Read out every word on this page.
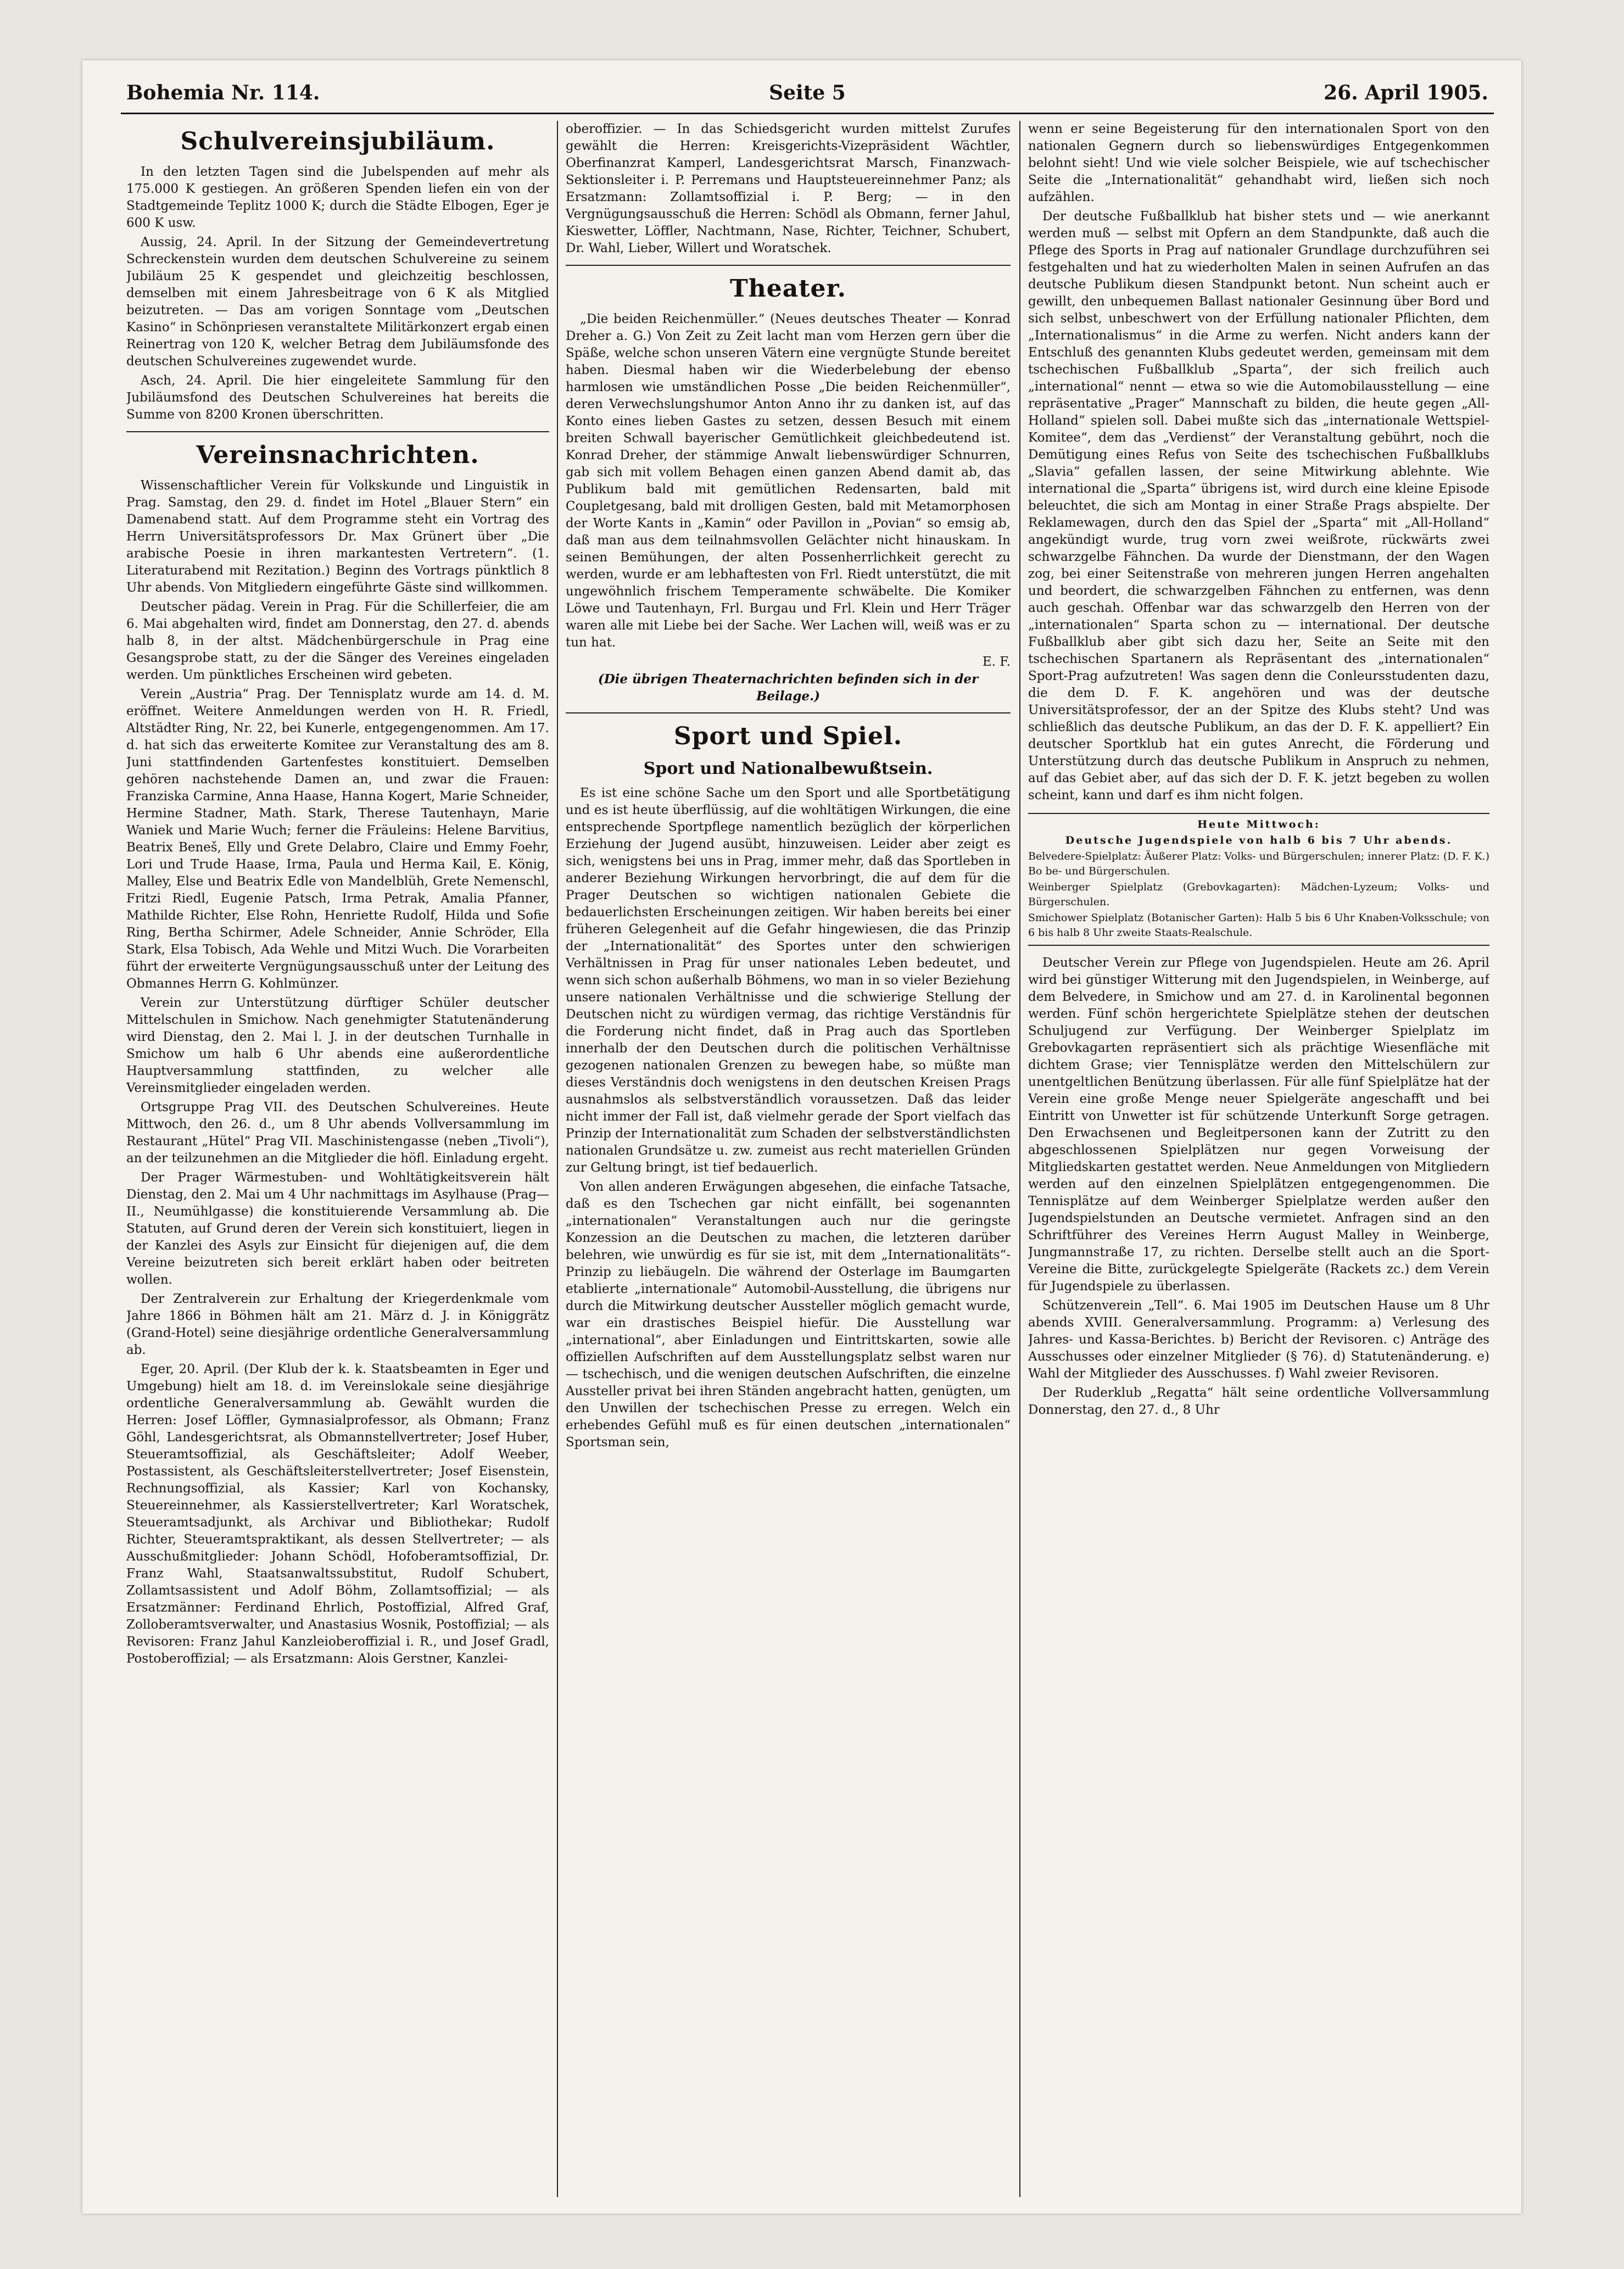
Bohemia Nr. 114.	Seite 5	26. April 1905.
Schulvereinsjubiläum.

In den letzten Tagen sind die Jubelspenden auf mehr als 175.000 K gestiegen. An größeren Spenden liefen ein von der Stadtgemeinde Teplitz 1000 K; durch die Städte Elbogen, Eger je 600 K usw.

Aussig, 24. April. In der Sitzung der Gemeindevertretung Schreckenstein wurden dem deutschen Schulvereine zu seinem Jubiläum 25 K gespendet und gleichzeitig beschlossen, demselben mit einem Jahresbeitrage von 6 K als Mitglied beizutreten. — Das am vorigen Sonntage vom „Deutschen Kasino“ in Schönpriesen veranstaltete Militärkonzert ergab einen Reinertrag von 120 K, welcher Betrag dem Jubiläumsfonde des deutschen Schulvereines zugewendet wurde.

Asch, 24. April. Die hier eingeleitete Sammlung für den Jubiläumsfond des Deutschen Schulvereines hat bereits die Summe von 8200 Kronen überschritten.

Vereinsnachrichten.

Wissenschaftlicher Verein für Volkskunde und Linguistik in Prag. Samstag, den 29. d. findet im Hotel „Blauer Stern“ ein Damenabend statt. Auf dem Programme steht ein Vortrag des Herrn Universitätsprofessors Dr. Max Grünert über „Die arabische Poesie in ihren markantesten Vertretern“. (1. Literaturabend mit Rezitation.) Beginn des Vortrags pünktlich 8 Uhr abends. Von Mitgliedern eingeführte Gäste sind willkommen.

Deutscher pädag. Verein in Prag. Für die Schillerfeier, die am 6. Mai abgehalten wird, findet am Donnerstag, den 27. d. abends halb 8, in der altst. Mädchenbürgerschule in Prag eine Gesangsprobe statt, zu der die Sänger des Vereines eingeladen werden. Um pünktliches Erscheinen wird gebeten.

Verein „Austria“ Prag. Der Tennisplatz wurde am 14. d. M. eröffnet. Weitere Anmeldungen werden von H. R. Friedl, Altstädter Ring, Nr. 22, bei Kunerle, entgegengenommen. Am 17. d. hat sich das erweiterte Komitee zur Veranstaltung des am 8. Juni stattfindenden Gartenfestes konstituiert. Demselben gehören nachstehende Damen an, und zwar die Frauen: Franziska Carmine, Anna Haase, Hanna Kogert, Marie Schneider, Hermine Stadner, Math. Stark, Therese Tautenhayn, Marie Waniek und Marie Wuch; ferner die Fräuleins: Helene Barvitius, Beatrix Beneš, Elly und Grete Delabro, Claire und Emmy Foehr, Lori und Trude Haase, Irma, Paula und Herma Kail, E. König, Malley, Else und Beatrix Edle von Mandelblüh, Grete Nemenschl, Fritzi Riedl, Eugenie Patsch, Irma Petrak, Amalia Pfanner, Mathilde Richter, Else Rohn, Henriette Rudolf, Hilda und Sofie Ring, Bertha Schirmer, Adele Schneider, Annie Schröder, Ella Stark, Elsa Tobisch, Ada Wehle und Mitzi Wuch. Die Vorarbeiten führt der erweiterte Vergnügungsausschuß unter der Leitung des Obmannes Herrn G. Kohlmünzer.

Verein zur Unterstützung dürftiger Schüler deutscher Mittelschulen in Smichow. Nach genehmigter Statutenänderung wird Dienstag, den 2. Mai l. J. in der deutschen Turnhalle in Smichow um halb 6 Uhr abends eine außerordentliche Hauptversammlung stattfinden, zu welcher alle Vereinsmitglieder eingeladen werden.

Ortsgruppe Prag VII. des Deutschen Schulvereines. Heute Mittwoch, den 26. d., um 8 Uhr abends Vollversammlung im Restaurant „Hütel“ Prag VII. Maschinistengasse (neben „Tivoli“), an der teilzunehmen an die Mitglieder die höfl. Einladung ergeht.

Der Prager Wärmestuben- und Wohltätigkeitsverein hält Dienstag, den 2. Mai um 4 Uhr nachmittags im Asylhause (Prag—II., Neumühlgasse) die konstituierende Versammlung ab. Die Statuten, auf Grund deren der Verein sich konstituiert, liegen in der Kanzlei des Asyls zur Einsicht für diejenigen auf, die dem Vereine beizutreten sich bereit erklärt haben oder beitreten wollen.

Der Zentralverein zur Erhaltung der Kriegerdenkmale vom Jahre 1866 in Böhmen hält am 21. März d. J. in Königgrätz (Grand-Hotel) seine diesjährige ordentliche Generalversammlung ab.

Eger, 20. April. (Der Klub der k. k. Staatsbeamten in Eger und Umgebung) hielt am 18. d. im Vereinslokale seine diesjährige ordentliche Generalversammlung ab. Gewählt wurden die Herren: Josef Löffler, Gymnasialprofessor, als Obmann; Franz Göhl, Landesgerichtsrat, als Obmannstellvertreter; Josef Huber, Steueramtsoffizial, als Geschäftsleiter; Adolf Weeber, Postassistent, als Geschäftsleiterstellvertreter; Josef Eisenstein, Rechnungsoffizial, als Kassier; Karl von Kochansky, Steuereinnehmer, als Kassierstellvertreter; Karl Woratschek, Steueramtsadjunkt, als Archivar und Bibliothekar; Rudolf Richter, Steueramtspraktikant, als dessen Stellvertreter; — als Ausschußmitglieder: Johann Schödl, Hofoberamtsoffizial, Dr. Franz Wahl, Staatsanwaltssubstitut, Rudolf Schubert, Zollamtsassistent und Adolf Böhm, Zollamtsoffizial; — als Ersatzmänner: Ferdinand Ehrlich, Postoffizial, Alfred Graf, Zolloberamtsverwalter, und Anastasius Wosnik, Postoffizial; — als Revisoren: Franz Jahul Kanzleioberoffizial i. R., und Josef Gradl, Postoberoffizial; — als Ersatzmann: Alois Gerstner, Kanzlei-

oberoffizier. — In das Schiedsgericht wurden mittelst Zurufes gewählt die Herren: Kreisgerichts-Vizepräsident Wächtler, Oberfinanzrat Kamperl, Landesgerichtsrat Marsch, Finanzwach-Sektionsleiter i. P. Perremans und Hauptsteuereinnehmer Panz; als Ersatzmann: Zollamtsoffizial i. P. Berg; — in den Vergnügungsausschuß die Herren: Schödl als Obmann, ferner Jahul, Kieswetter, Löffler, Nachtmann, Nase, Richter, Teichner, Schubert, Dr. Wahl, Lieber, Willert und Woratschek.

Theater.

„Die beiden Reichenmüller.“ (Neues deutsches Theater — Konrad Dreher a. G.) Von Zeit zu Zeit lacht man vom Herzen gern über die Späße, welche schon unseren Vätern eine vergnügte Stunde bereitet haben. Diesmal haben wir die Wiederbelebung der ebenso harmlosen wie umständlichen Posse „Die beiden Reichenmüller“, deren Verwechslungshumor Anton Anno ihr zu danken ist, auf das Konto eines lieben Gastes zu setzen, dessen Besuch mit einem breiten Schwall bayerischer Gemütlichkeit gleichbedeutend ist. Konrad Dreher, der stämmige Anwalt liebenswürdiger Schnurren, gab sich mit vollem Behagen einen ganzen Abend damit ab, das Publikum bald mit gemütlichen Redensarten, bald mit Coupletgesang, bald mit drolligen Gesten, bald mit Metamorphosen der Worte Kants in „Kamin“ oder Pavillon in „Povian“ so emsig ab, daß man aus dem teilnahmsvollen Gelächter nicht hinauskam. In seinen Bemühungen, der alten Possenherrlichkeit gerecht zu werden, wurde er am lebhaftesten von Frl. Riedt unterstützt, die mit ungewöhnlich frischem Temperamente schwäbelte. Die Komiker Löwe und Tautenhayn, Frl. Burgau und Frl. Klein und Herr Träger waren alle mit Liebe bei der Sache. Wer Lachen will, weiß was er zu tun hat.

E. F.
(Die übrigen Theaternachrichten befinden sich in der Beilage.)
Sport und Spiel.
Sport und Nationalbewußtsein.

Es ist eine schöne Sache um den Sport und alle Sportbetätigung und es ist heute überflüssig, auf die wohltätigen Wirkungen, die eine entsprechende Sportpflege namentlich bezüglich der körperlichen Erziehung der Jugend ausübt, hinzuweisen. Leider aber zeigt es sich, wenigstens bei uns in Prag, immer mehr, daß das Sportleben in anderer Beziehung Wirkungen hervorbringt, die auf dem für die Prager Deutschen so wichtigen nationalen Gebiete die bedauerlichsten Erscheinungen zeitigen. Wir haben bereits bei einer früheren Gelegenheit auf die Gefahr hingewiesen, die das Prinzip der „Internationalität“ des Sportes unter den schwierigen Verhältnissen in Prag für unser nationales Leben bedeutet, und wenn sich schon außerhalb Böhmens, wo man in so vieler Beziehung unsere nationalen Verhältnisse und die schwierige Stellung der Deutschen nicht zu würdigen vermag, das richtige Verständnis für die Forderung nicht findet, daß in Prag auch das Sportleben innerhalb der den Deutschen durch die politischen Verhältnisse gezogenen nationalen Grenzen zu bewegen habe, so müßte man dieses Verständnis doch wenigstens in den deutschen Kreisen Prags ausnahmslos als selbstverständlich voraussetzen. Daß das leider nicht immer der Fall ist, daß vielmehr gerade der Sport vielfach das Prinzip der Internationalität zum Schaden der selbstverständlichsten nationalen Grundsätze u. zw. zumeist aus recht materiellen Gründen zur Geltung bringt, ist tief bedauerlich.

Von allen anderen Erwägungen abgesehen, die einfache Tatsache, daß es den Tschechen gar nicht einfällt, bei sogenannten „internationalen“ Veranstaltungen auch nur die geringste Konzession an die Deutschen zu machen, die letzteren darüber belehren, wie unwürdig es für sie ist, mit dem „Internationalitäts“-Prinzip zu liebäugeln. Die während der Osterlage im Baumgarten etablierte „internationale“ Automobil-Ausstellung, die übrigens nur durch die Mitwirkung deutscher Aussteller möglich gemacht wurde, war ein drastisches Beispiel hiefür. Die Ausstellung war „international“, aber Einladungen und Eintrittskarten, sowie alle offiziellen Aufschriften auf dem Ausstellungsplatz selbst waren nur — tschechisch, und die wenigen deutschen Aufschriften, die einzelne Aussteller privat bei ihren Ständen angebracht hatten, genügten, um den Unwillen der tschechischen Presse zu erregen. Welch ein erhebendes Gefühl muß es für einen deutschen „internationalen“ Sportsman sein,

wenn er seine Begeisterung für den internationalen Sport von den nationalen Gegnern durch so liebenswürdiges Entgegenkommen belohnt sieht! Und wie viele solcher Beispiele, wie auf tschechischer Seite die „Internationalität“ gehandhabt wird, ließen sich noch aufzählen.

Der deutsche Fußballklub hat bisher stets und — wie anerkannt werden muß — selbst mit Opfern an dem Standpunkte, daß auch die Pflege des Sports in Prag auf nationaler Grundlage durchzuführen sei festgehalten und hat zu wiederholten Malen in seinen Aufrufen an das deutsche Publikum diesen Standpunkt betont. Nun scheint auch er gewillt, den unbequemen Ballast nationaler Gesinnung über Bord und sich selbst, unbeschwert von der Erfüllung nationaler Pflichten, dem „Internationalismus“ in die Arme zu werfen. Nicht anders kann der Entschluß des genannten Klubs gedeutet werden, gemeinsam mit dem tschechischen Fußballklub „Sparta“, der sich freilich auch „international“ nennt — etwa so wie die Automobilausstellung — eine repräsentative „Prager“ Mannschaft zu bilden, die heute gegen „All-Holland“ spielen soll. Dabei mußte sich das „internationale Wettspiel-Komitee“, dem das „Verdienst“ der Veranstaltung gebührt, noch die Demütigung eines Refus von Seite des tschechischen Fußballklubs „Slavia“ gefallen lassen, der seine Mitwirkung ablehnte. Wie international die „Sparta“ übrigens ist, wird durch eine kleine Episode beleuchtet, die sich am Montag in einer Straße Prags abspielte. Der Reklamewagen, durch den das Spiel der „Sparta“ mit „All-Holland“ angekündigt wurde, trug vorn zwei weißrote, rückwärts zwei schwarzgelbe Fähnchen. Da wurde der Dienstmann, der den Wagen zog, bei einer Seitenstraße von mehreren jungen Herren angehalten und beordert, die schwarzgelben Fähnchen zu entfernen, was denn auch geschah. Offenbar war das schwarzgelb den Herren von der „internationalen“ Sparta schon zu — international. Der deutsche Fußballklub aber gibt sich dazu her, Seite an Seite mit den tschechischen Spartanern als Repräsentant des „internationalen“ Sport-Prag aufzutreten! Was sagen denn die Conleursstudenten dazu, die dem D. F. K. angehören und was der deutsche Universitätsprofessor, der an der Spitze des Klubs steht? Und was schließlich das deutsche Publikum, an das der D. F. K. appelliert? Ein deutscher Sportklub hat ein gutes Anrecht, die Förderung und Unterstützung durch das deutsche Publikum in Anspruch zu nehmen, auf das Gebiet aber, auf das sich der D. F. K. jetzt begeben zu wollen scheint, kann und darf es ihm nicht folgen.

Heute Mittwoch:
Deutsche Jugendspiele von halb 6 bis 7 Uhr abends.
Belvedere-Spielplatz: Äußerer Platz: Volks- und Bürgerschulen; innerer Platz: (D. F. K.) Bo be- und Bürgerschulen.
Weinberger Spielplatz (Grebovkagarten): Mädchen-Lyzeum; Volks- und Bürgerschulen.
Smichower Spielplatz (Botanischer Garten): Halb 5 bis 6 Uhr Knaben-Volksschule; von 6 bis halb 8 Uhr zweite Staats-Realschule.

Deutscher Verein zur Pflege von Jugendspielen. Heute am 26. April wird bei günstiger Witterung mit den Jugendspielen, in Weinberge, auf dem Belvedere, in Smichow und am 27. d. in Karolinental begonnen werden. Fünf schön hergerichtete Spielplätze stehen der deutschen Schuljugend zur Verfügung. Der Weinberger Spielplatz im Grebovkagarten repräsentiert sich als prächtige Wiesenfläche mit dichtem Grase; vier Tennisplätze werden den Mittelschülern zur unentgeltlichen Benützung überlassen. Für alle fünf Spielplätze hat der Verein eine große Menge neuer Spielgeräte angeschafft und bei Eintritt von Unwetter ist für schützende Unterkunft Sorge getragen. Den Erwachsenen und Begleitpersonen kann der Zutritt zu den abgeschlossenen Spielplätzen nur gegen Vorweisung der Mitgliedskarten gestattet werden. Neue Anmeldungen von Mitgliedern werden auf den einzelnen Spielplätzen entgegengenommen. Die Tennisplätze auf dem Weinberger Spielplatze werden außer den Jugendspielstunden an Deutsche vermietet. Anfragen sind an den Schriftführer des Vereines Herrn August Malley in Weinberge, Jungmannstraße 17, zu richten. Derselbe stellt auch an die Sport-Vereine die Bitte, zurückgelegte Spielgeräte (Rackets zc.) dem Verein für Jugendspiele zu überlassen.

Schützenverein „Tell“. 6. Mai 1905 im Deutschen Hause um 8 Uhr abends XVIII. Generalversammlung. Programm: a) Verlesung des Jahres- und Kassa-Berichtes. b) Bericht der Revisoren. c) Anträge des Ausschusses oder einzelner Mitglieder (§ 76). d) Statutenänderung. e) Wahl der Mitglieder des Ausschusses. f) Wahl zweier Revisoren.

Der Ruderklub „Regatta“ hält seine ordentliche Vollversammlung Donnerstag, den 27. d., 8 Uhr
